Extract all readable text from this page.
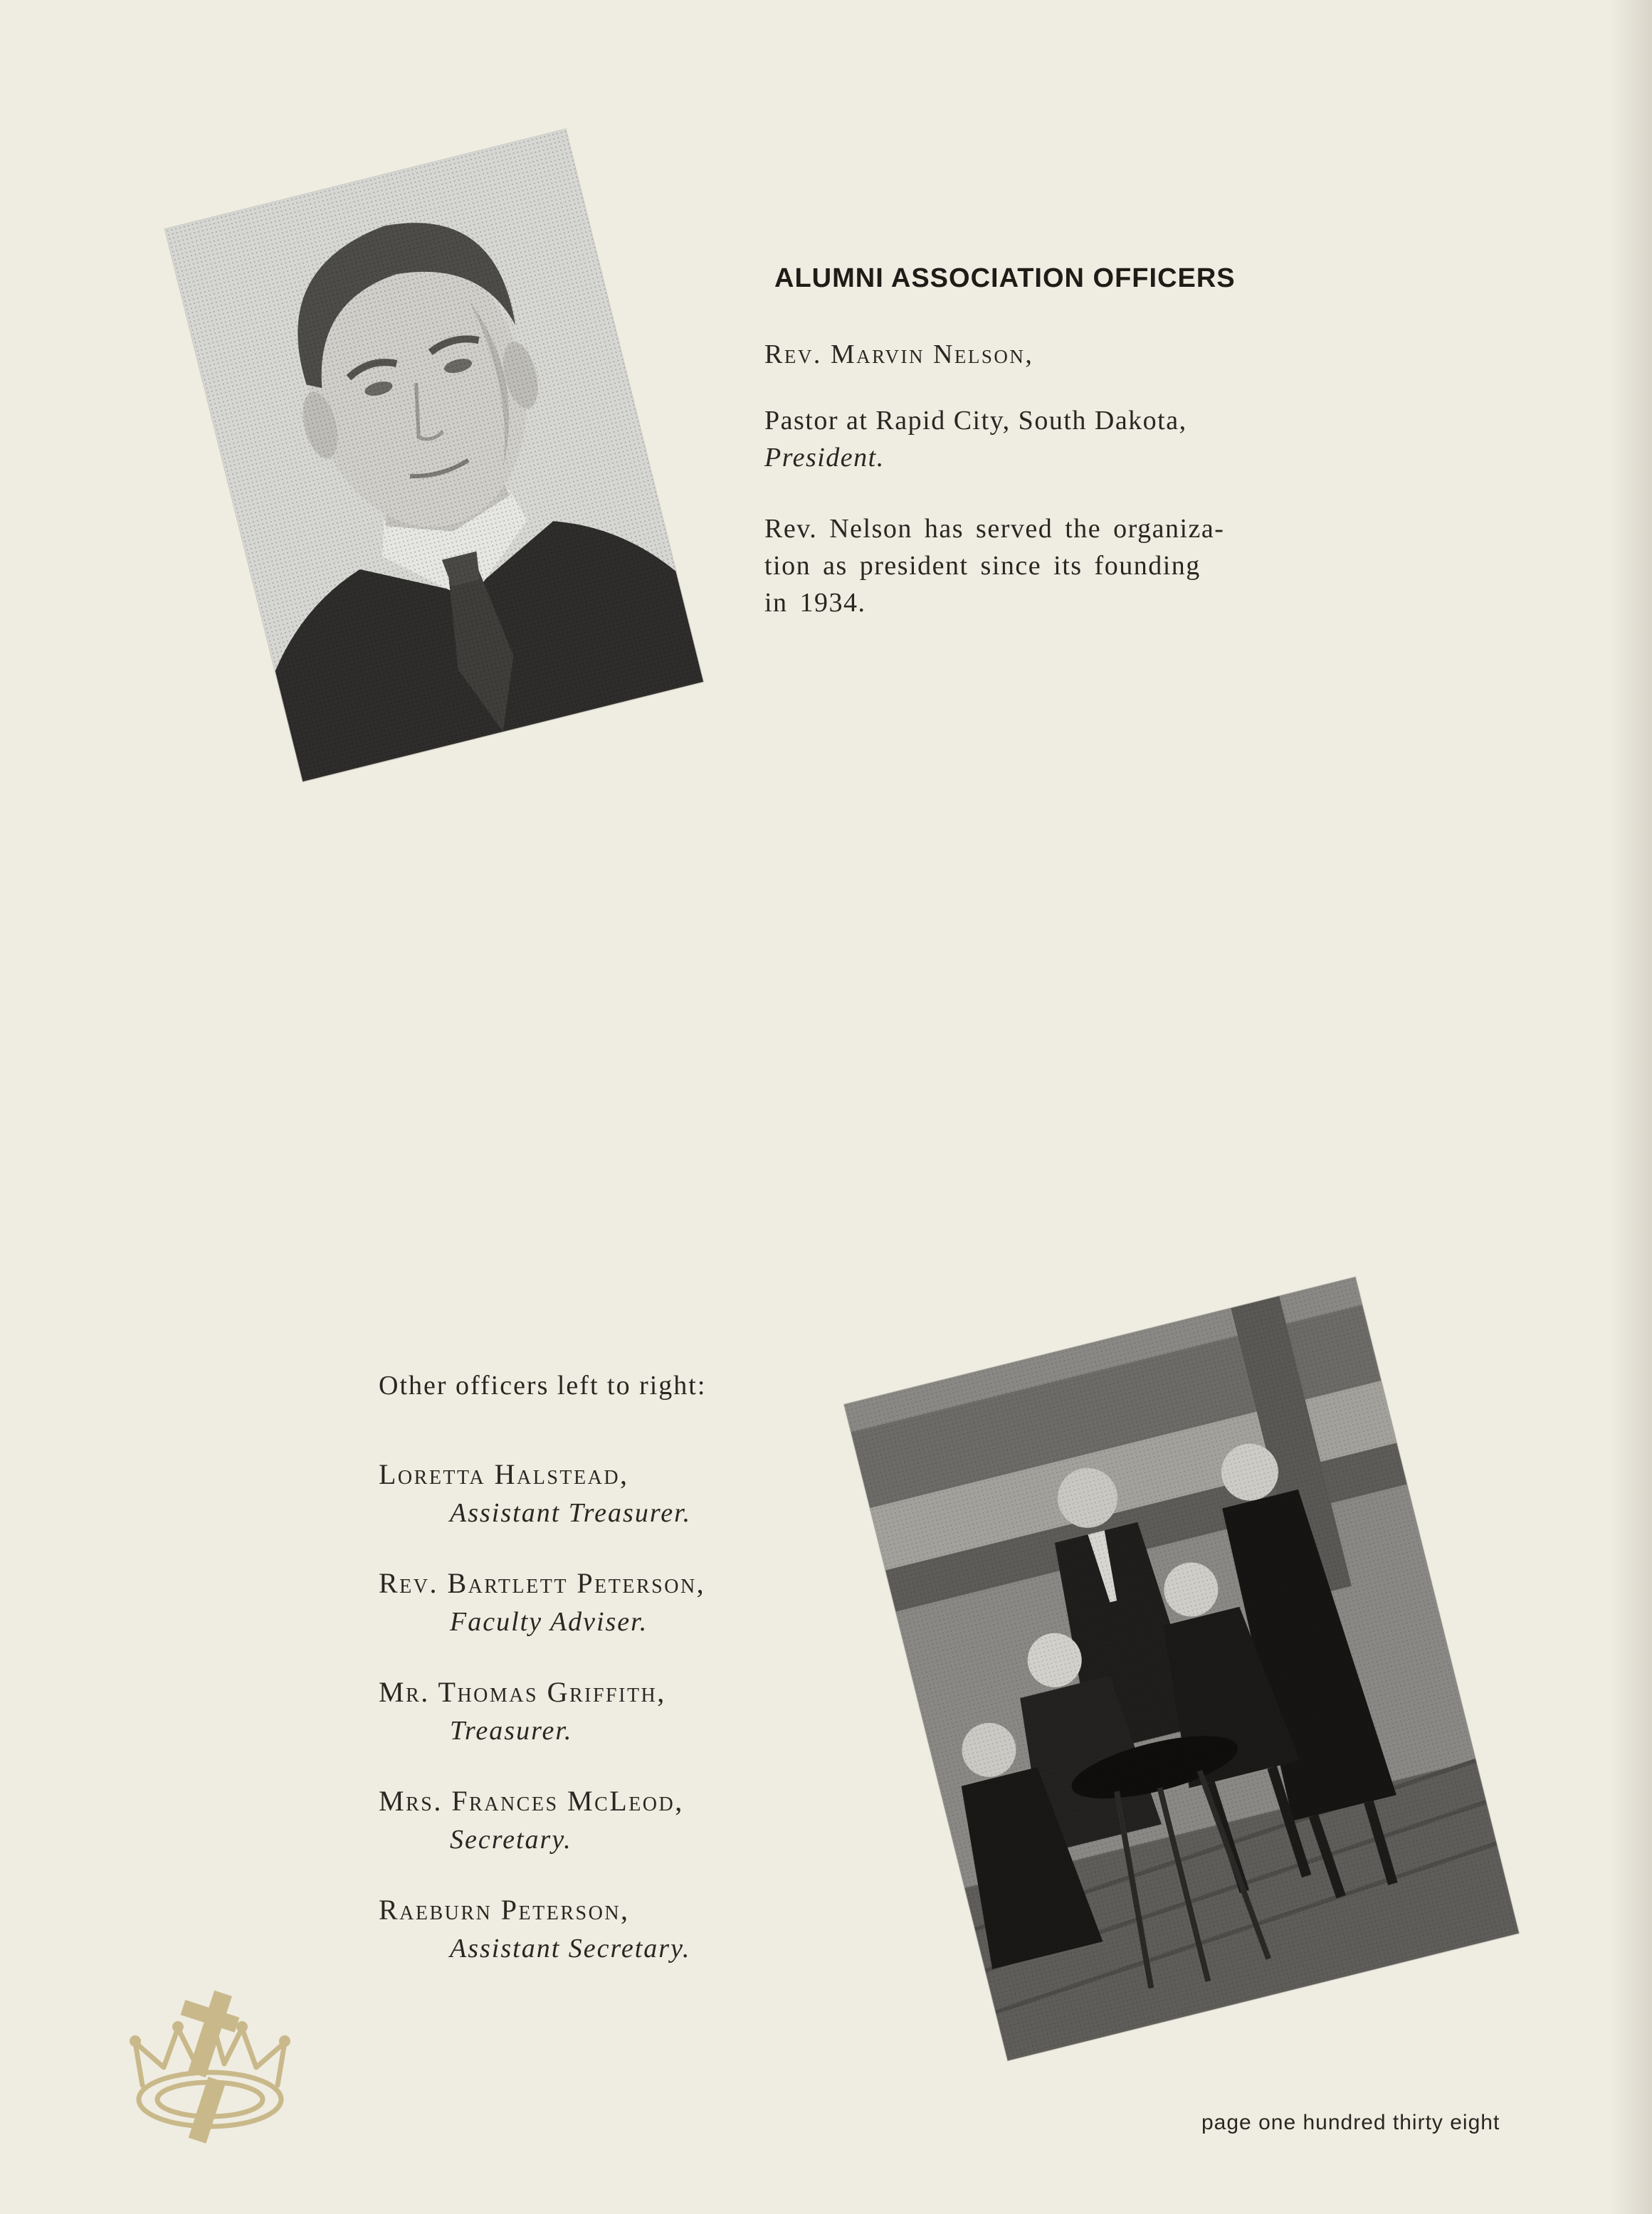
ALUMNI ASSOCIATION OFFICERS
Rev. Marvin Nelson,
Pastor at Rapid City, South Dakota,
President.
Rev. Nelson has served the organiza-
tion as president since its founding
in 1934.
Other officers left to right:
Loretta Halstead,
Assistant Treasurer.
Rev. Bartlett Peterson,
Faculty Adviser.
Mr. Thomas Griffith,
Treasurer.
Mrs. Frances McLeod,
Secretary.
Raeburn Peterson,
Assistant Secretary.
page one hundred thirty eight
